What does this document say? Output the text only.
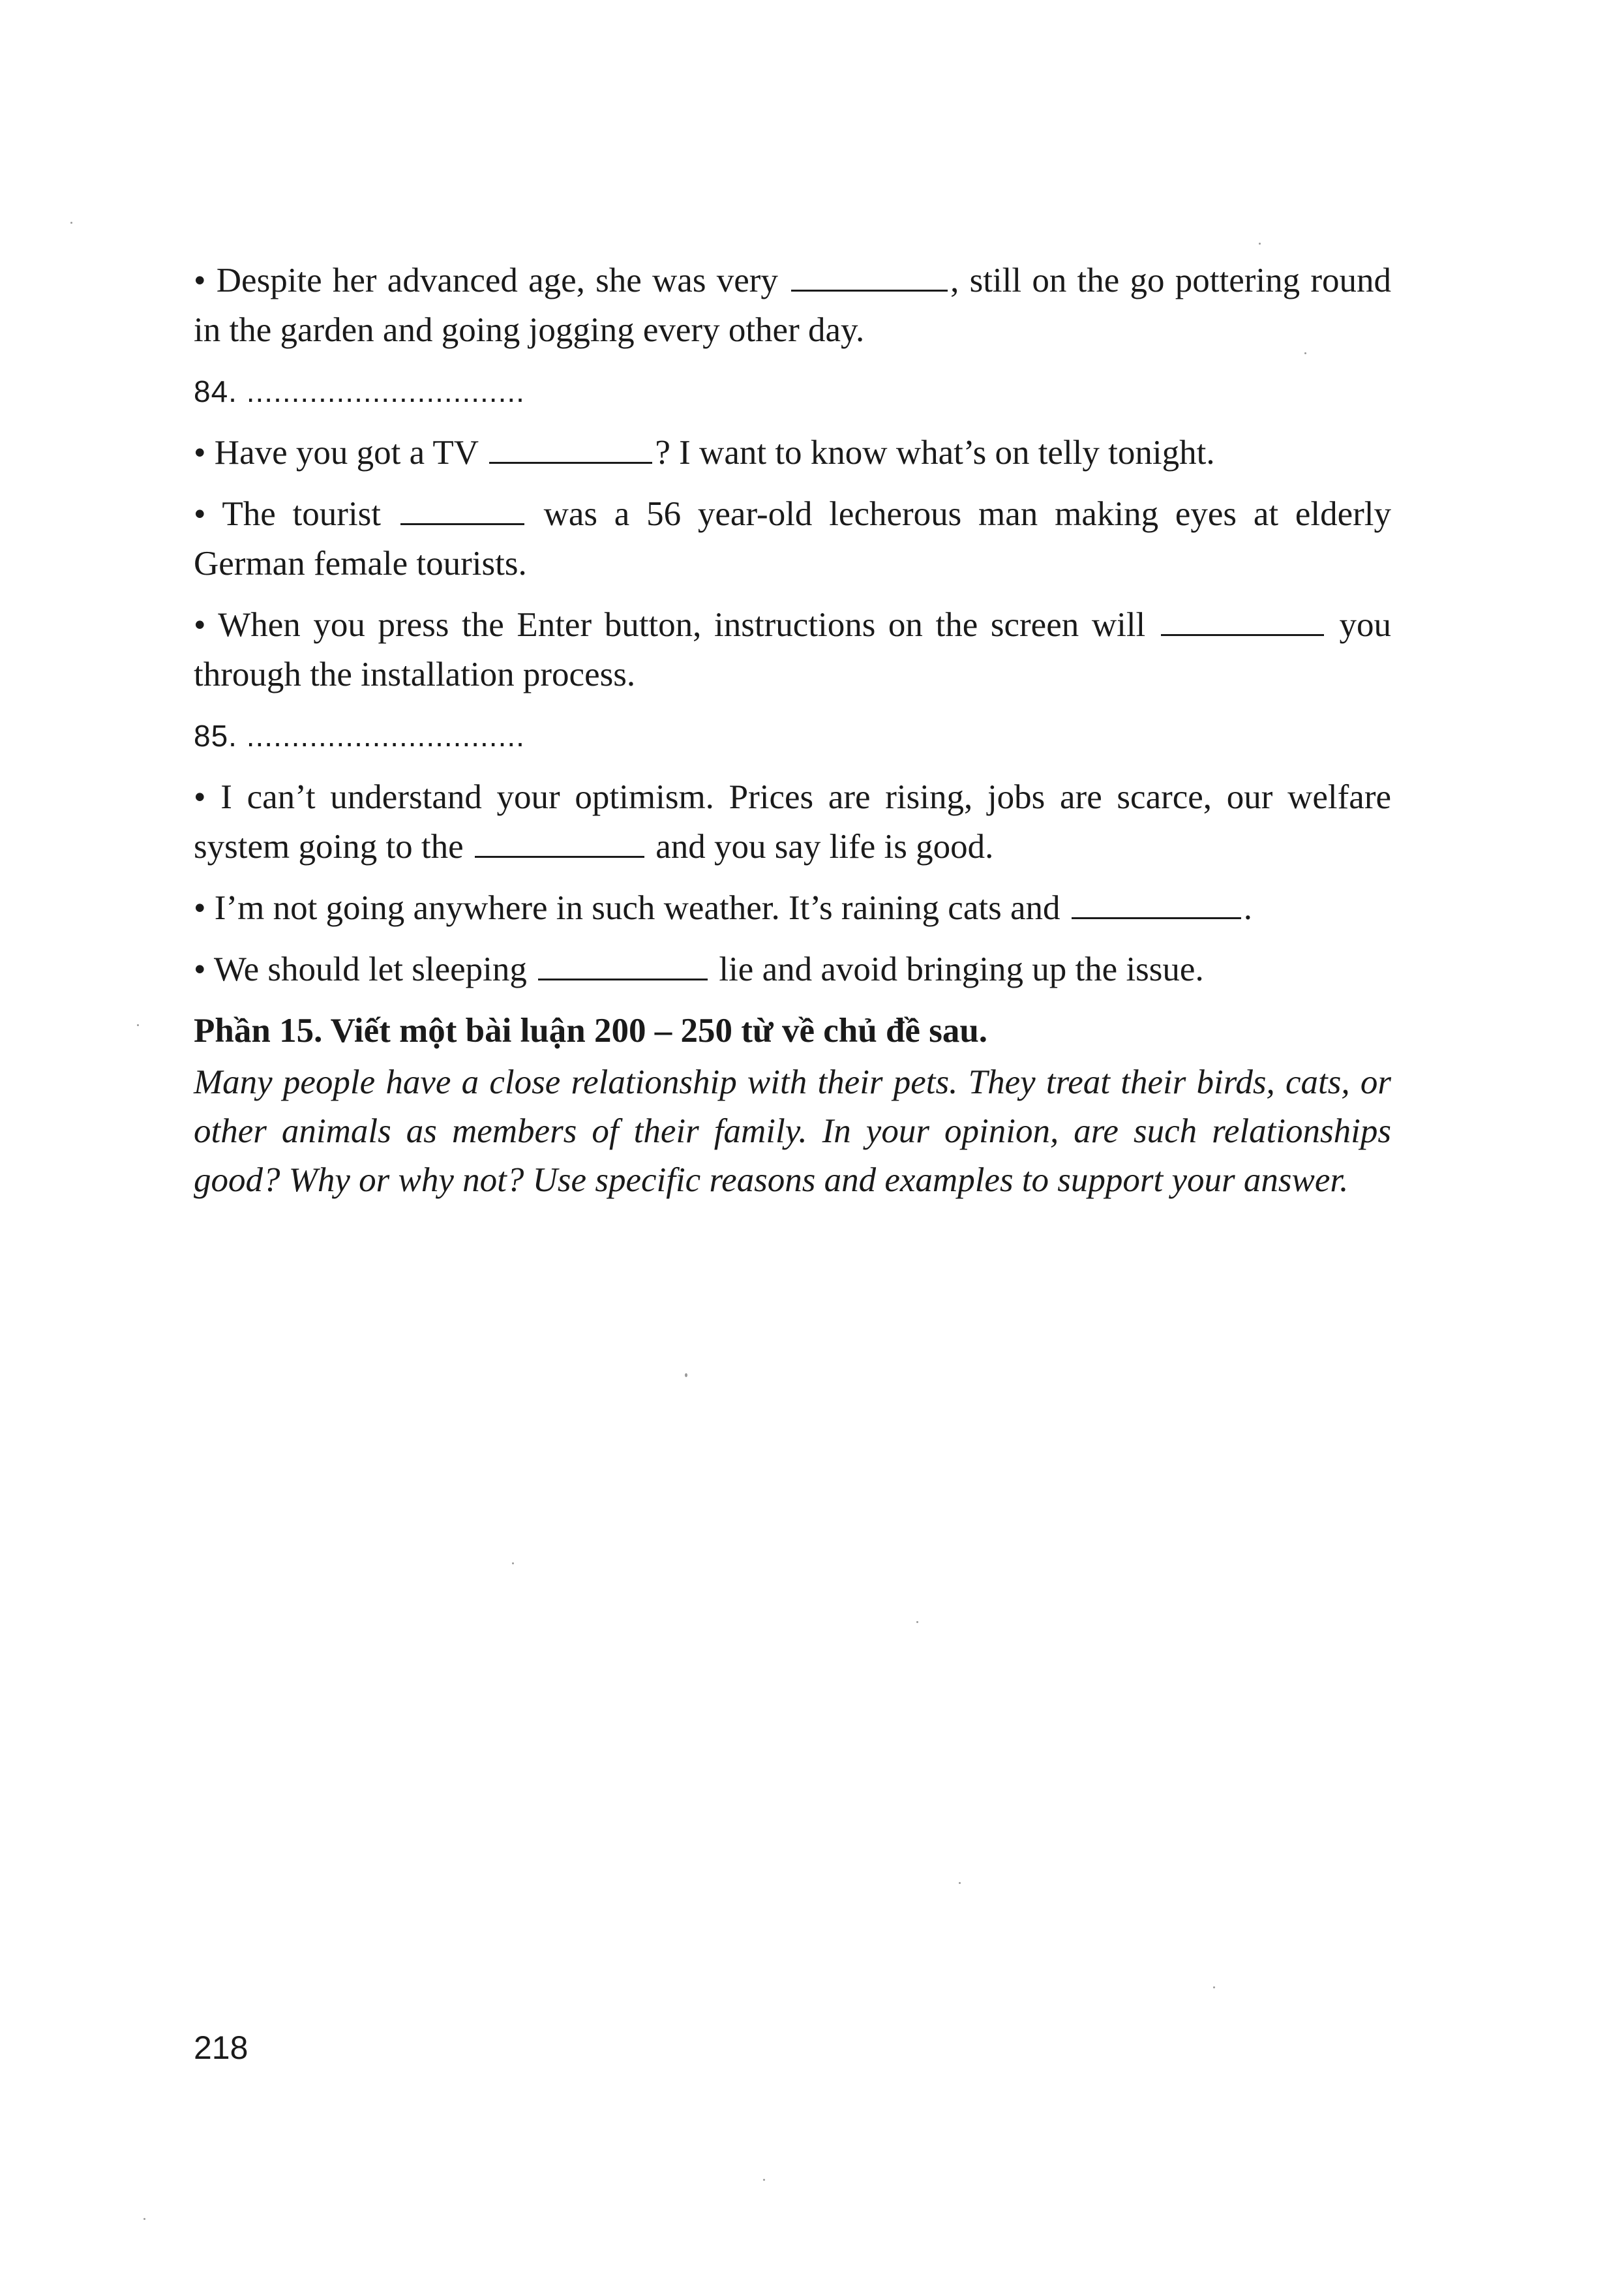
• Despite her advanced age, she was very	, still on the go pottering round in the garden and going jogging every other day.

84. ...............................

• Have you got a TV	? I want to know what’s on telly tonight.

• The tourist	was a 56 year-old lecherous man making eyes at elderly German female tourists.

• When you press the Enter button, instructions on the screen will	you through the installation process.

85. ...............................

• I can’t understand your optimism. Prices are rising, jobs are scarce, our welfare system going to the	and you say life is good.

• I’m not going anywhere in such weather. It’s raining cats and	.

• We should let sleeping	lie and avoid bringing up the issue.

Phần 15. Viết một bài luận 200 – 250 từ về chủ đề sau.

Many people have a close relationship with their pets. They treat their birds, cats, or other animals as members of their family. In your opinion, are such relationships good? Why or why not? Use specific reasons and examples to support your answer.

218
